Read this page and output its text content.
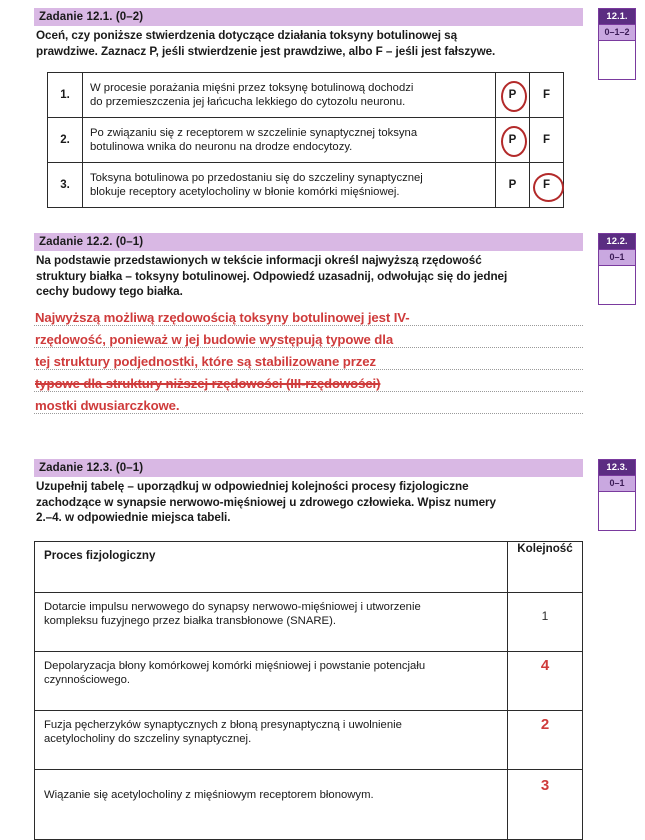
Zadanie 12.1. (0–2)
Oceń, czy poniższe stwierdzenia dotyczące działania toksyny botulinowej są
prawdziwe. Zaznacz P, jeśli stwierdzenie jest prawdziwe, albo F – jeśli jest fałszywe.
1.	W procesie porażania mięśni przez toksynę botulinową dochodzi
do przemieszczenia jej łańcucha lekkiego do cytozolu neuronu.	P	F
2.	Po związaniu się z receptorem w szczelinie synaptycznej toksyna
botulinowa wnika do neuronu na drodze endocytozy.	P	F
3.	Toksyna botulinowa po przedostaniu się do szczeliny synaptycznej
blokuje receptory acetylocholiny w błonie komórki mięśniowej.	P	F
12.1.
0–1–2
Zadanie 12.2. (0–1)
Na podstawie przedstawionych w tekście informacji określ najwyższą rzędowość
struktury białka – toksyny botulinowej. Odpowiedź uzasadnij, odwołując się do jednej
cechy budowy tego białka.
Najwyższą możliwą rzędowością toksyny botulinowej jest IV-
rzędowość, ponieważ w jej budowie występują typowe dla
tej struktury podjednostki, które są stabilizowane przez
typowe dla struktury niższej rzędowości (III-rzędowości)
mostki dwusiarczkowe.
12.2.
0–1
Zadanie 12.3. (0–1)
Uzupełnij tabelę – uporządkuj w odpowiedniej kolejności procesy fizjologiczne
zachodzące w synapsie nerwowo-mięśniowej u zdrowego człowieka. Wpisz numery
2.–4. w odpowiednie miejsca tabeli.
Proces fizjologiczny	Kolejność

Dotarcie impulsu nerwowego do synapsy nerwowo-mięśniowej i utworzenie
kompleksu fuzyjnego przez białka transbłonowe (SNARE).	1

Depolaryzacja błony komórkowej komórki mięśniowej i powstanie potencjału
czynnościowego.	4

Fuzja pęcherzyków synaptycznych z błoną presynaptyczną i uwolnienie
acetylocholiny do szczeliny synaptycznej.	2

Wiązanie się acetylocholiny z mięśniowym receptorem błonowym.	3
12.3.
0–1
